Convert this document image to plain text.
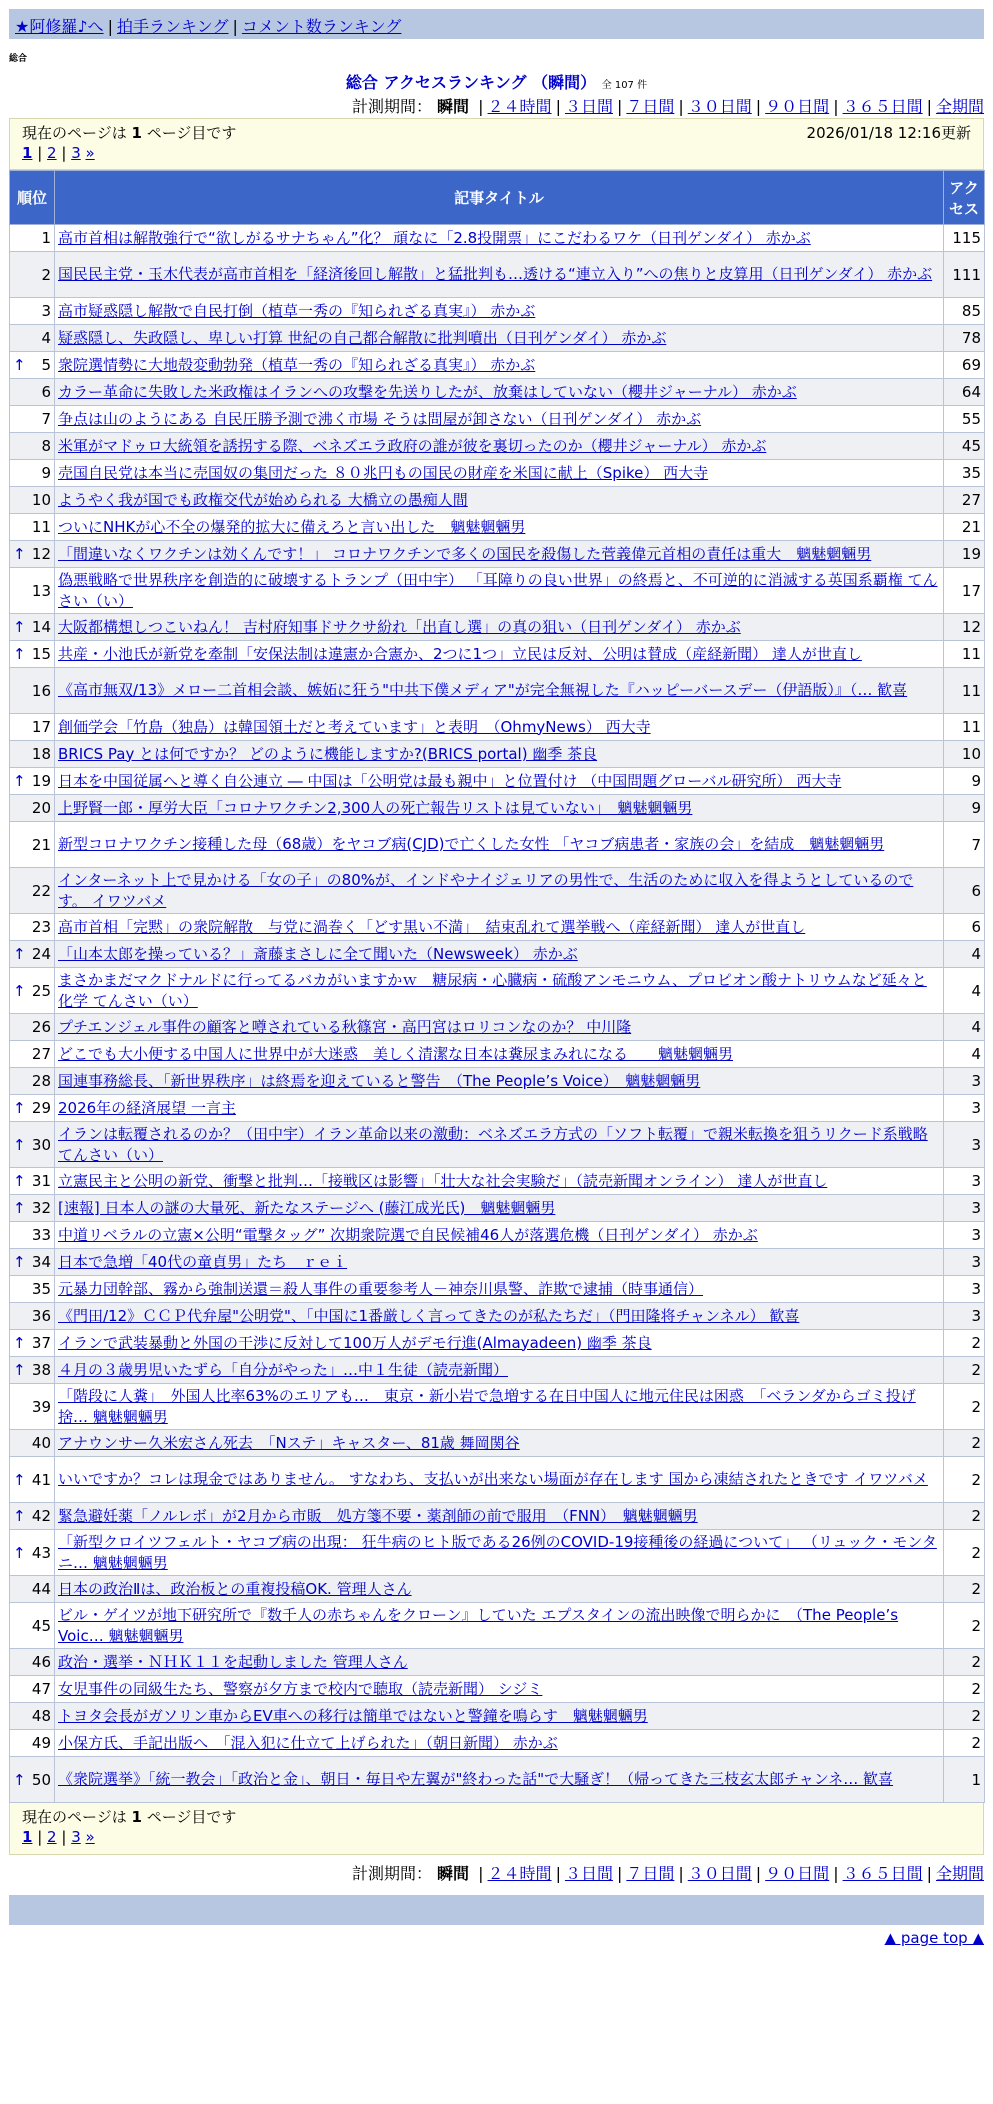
★阿修羅♪へ | 拍手ランキング | コメント数ランキング
総合
総合 アクセスランキング （瞬間） 全 107 件
計測期間： 瞬間 | ２４時間 | ３日間 | ７日間 | ３０日間 | ９０日間 | ３６５日間 | 全期間
現在のページは 1 ページ目です	2026/01/18 12:16更新
1 | 2 | 3 »
順位	記事タイトル	アクセス
1	高市首相は解散強行で“欲しがるサナちゃん”化？ 頑なに「2.8投開票」にこだわるワケ（日刊ゲンダイ） 赤かぶ	115
2	国民民主党・玉木代表が高市首相を「経済後回し解散」と猛批判も…透ける“連立入り”への焦りと皮算用（日刊ゲンダイ） 赤かぶ	111
3	高市疑惑隠し解散で自民打倒（植草一秀の『知られざる真実』） 赤かぶ	85
4	疑惑隠し、失政隠し、卑しい打算 世紀の自己都合解散に批判噴出（日刊ゲンダイ） 赤かぶ	78

↑ 5	衆院選情勢に大地殻変動勃発（植草一秀の『知られざる真実』） 赤かぶ	69
6	カラー革命に失敗した米政権はイランへの攻撃を先送りしたが、放棄はしていない（櫻井ジャーナル） 赤かぶ	64
7	争点は山のようにある 自民圧勝予測で沸く市場 そうは問屋が卸さない（日刊ゲンダイ） 赤かぶ	55
8	米軍がマドゥロ大統領を誘拐する際、ベネズエラ政府の誰が彼を裏切ったのか（櫻井ジャーナル） 赤かぶ	45
9	売国自民党は本当に売国奴の集団だった ８０兆円もの国民の財産を米国に献上（Spike） 西大寺	35
10	ようやく我が国でも政権交代が始められる 大橋立の愚痴人間	27
11	ついにNHKが心不全の爆発的拡大に備えろと言い出した　魑魅魍魎男	21

↑ 12	「間違いなくワクチンは効くんです！」 コロナワクチンで多くの国民を殺傷した菅義偉元首相の責任は重大　魑魅魍魎男	19
13	偽悪戦略で世界秩序を創造的に破壊するトランプ（田中宇） 「耳障りの良い世界」の終焉と、不可逆的に消滅する英国系覇権 てんさい（い）	17

↑ 14	大阪都構想しつこいねん！ 吉村府知事ドサクサ紛れ「出直し選」の真の狙い（日刊ゲンダイ） 赤かぶ	12

↑ 15	共産・小池氏が新党を牽制「安保法制は違憲か合憲か、2つに1つ」立民は反対、公明は賛成（産経新聞） 達人が世直し	11
16	《高市無双/13》メロー二首相会談、嫉妬に狂う"中共下僕メディア"が完全無視した『ハッピーバースデー（伊語版）』（… 歓喜	11
17	創価学会「竹島（独島）は韓国領土だと考えています」と表明　（OhmyNews） 西大寺	11
18	BRICS Pay とは何ですか？ どのように機能しますか?(BRICS portal) 幽季 茶良	10

↑ 19	日本を中国従属へと導く自公連立 ― 中国は「公明党は最も親中」と位置付け （中国問題グローバル研究所） 西大寺	9
20	上野賢一郎・厚労大臣「コロナワクチン2,300人の死亡報告リストは見ていない」　魑魅魍魎男	9
21	新型コロナワクチン接種した母（68歳）をヤコブ病(CJD)で亡くした女性 「ヤコブ病患者・家族の会」を結成　魑魅魍魎男	7
22	インターネット上で見かける「女の子」の80%が、インドやナイジェリアの男性で、生活のために収入を得ようとしているのです。 イワツバメ	6
23	高市首相「完黙」の衆院解散　与党に渦巻く「どす黒い不満」　結束乱れて選挙戦へ（産経新聞） 達人が世直し	6

↑ 24	「山本太郎を操っている？」斎藤まさしに全て聞いた（Newsweek） 赤かぶ	4

↑ 25	まさかまだマクドナルドに行ってるバカがいますかｗ　糖尿病・心臓病・硫酸アンモニウム、プロピオン酸ナトリウムなど延々と化学 てんさい（い）	4
26	プチエンジェル事件の顧客と噂されている秋篠宮・高円宮はロリコンなのか？ 中川隆	4
27	どこでも大小便する中国人に世界中が大迷惑　美しく清潔な日本は糞尿まみれになる　　魑魅魍魎男	4
28	国連事務総長、「新世界秩序」は終焉を迎えていると警告　（The People’s Voice）　魑魅魍魎男	3

↑ 29	2026年の経済展望 一言主	3

↑ 30	イランは転覆されるのか？（田中宇）イラン革命以来の激動：ベネズエラ方式の「ソフト転覆」で親米転換を狙うリクード系戦略 てんさい（い）	3

↑ 31	立憲民主と公明の新党、衝撃と批判…「接戦区は影響」「壮大な社会実験だ」（読売新聞オンライン） 達人が世直し	3

↑ 32	[速報] 日本人の謎の大量死、新たなステージへ (藤江成光氏)　魑魅魍魎男	3
33	中道リベラルの立憲×公明“電撃タッグ” 次期衆院選で自民候補46人が落選危機（日刊ゲンダイ） 赤かぶ	3

↑ 34	日本で急増「40代の童貞男」たち　ｒｅｉ	3
35	元暴力団幹部、霧から強制送還＝殺人事件の重要参考人－神奈川県警、詐欺で逮捕（時事通信）	3
36	《門田/12》ＣＣＰ代弁屋"公明党"、「中国に1番厳しく言ってきたのが私たちだ」（門田隆将チャンネル） 歓喜	3

↑ 37	イランで武装暴動と外国の干渉に反対して100万人がデモ行進(Almayadeen) 幽季 茶良	2

↑ 38	４月の３歳男児いたずら「自分がやった」…中１生徒（読売新聞）	2
39	「階段に人糞」　外国人比率63%のエリアも…　東京・新小岩で急増する在日中国人に地元住民は困惑　「ベランダからゴミ投げ捨… 魑魅魍魎男	2
40	アナウンサー久米宏さん死去　「Nステ」キャスター、81歳 舞岡関谷	2

↑ 41	いいですか？コレは現金ではありません。 すなわち、支払いが出来ない場面が存在します 国から凍結されたときです イワツバメ	2

↑ 42	緊急避妊薬「ノルレボ」が2月から市販　処方箋不要・薬剤師の前で服用　（FNN）　魑魅魍魎男	2

↑ 43	「新型クロイツフェルト・ヤコブ病の出現： 狂牛病のヒト版である26例のCOVID-19接種後の経過について」 （リュック・モンタニ… 魑魅魍魎男	2
44	日本の政治Ⅱは、政治板との重複投稿OK. 管理人さん	2
45	ビル・ゲイツが地下研究所で『数千人の赤ちゃんをクローン』していた エプスタインの流出映像で明らかに　（The People’s Voic… 魑魅魍魎男	2
46	政治・選挙・ＮＨＫ１１を起動しました 管理人さん	2
47	女児事件の同級生たち、警察が夕方まで校内で聴取（読売新聞） シジミ	2
48	トヨタ会長がガソリン車からEV車への移行は簡単ではないと警鐘を鳴らす　魑魅魍魎男	2
49	小保方氏、手記出版へ　「混入犯に仕立て上げられた」（朝日新聞） 赤かぶ	2

↑ 50	《衆院選挙》「統一教会」「政治と金」、朝日・毎日や左翼が"終わった話"で大騒ぎ！（帰ってきた三枝玄太郎チャンネ… 歓喜	1
現在のページは 1 ページ目です
1 | 2 | 3 »
計測期間： 瞬間 | ２４時間 | ３日間 | ７日間 | ３０日間 | ９０日間 | ３６５日間 | 全期間
▲ page top ▲
